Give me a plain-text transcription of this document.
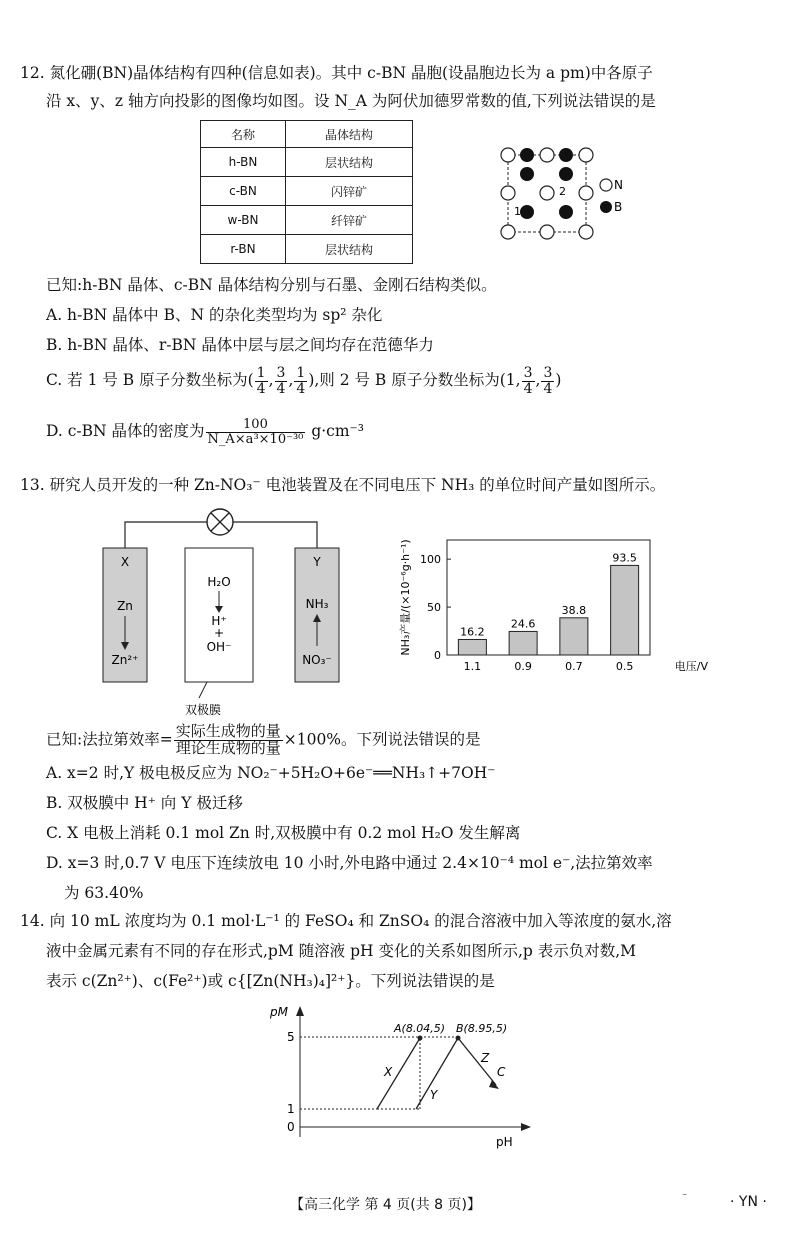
12. 氮化硼(BN)晶体结构有四种(信息如表)。其中 c-BN 晶胞(设晶胞边长为 a pm)中各原子
沿 x、y、z 轴方向投影的图像均如图。设 N_A 为阿伏加德罗常数的值,下列说法错误的是
名称	晶体结构
h-BN	层状结构
c-BN	闪锌矿
w-BN	纤锌矿
r-BN	层状结构
1
2	N
B
已知:h-BN 晶体、c-BN 晶体结构分别与石墨、金刚石结构类似。
A. h-BN 晶体中 B、N 的杂化类型均为 sp² 杂化
B. h-BN 晶体、r-BN 晶体中层与层之间均存在范德华力
C. 若 1 号 B 原子分数坐标为( $\frac{1}{4}$ , $\frac{3}{4}$ , $\frac{1}{4}$ ),则 2 号 B 原子分数坐标为(1, $\frac{3}{4}$ , $\frac{3}{4}$ )
D. c-BN 晶体的密度为 $\frac{100}{\text{N\_A×a³×10⁻³⁰}} g\cdot cm^{-3}$
13. 研究人员开发的一种 Zn-NO₃⁻ 电池装置及在不同电压下 NH₃ 的单位时间产量如图所示。
X	Y
Zn
Zn²⁺
H₂O
H⁺
+
OH⁻
NH₃
NO₃⁻
双极膜
0
50
100
16.2
1.1
24.6
0.9
38.8
0.7
93.5
0.5	电压/V
NH₃产量/(×10⁻⁶g·h⁻¹)
已知:法拉第效率= $\frac{\text{实际生成物的量}}{\text{理论生成物的量}} \times 100\%$。下列说法错误的是
A. x=2 时,Y 极电极反应为 NO₂⁻+5H₂O+6e⁻══NH₃↑+7OH⁻
B. 双极膜中 H⁺ 向 Y 极迁移
C. X 电极上消耗 0.1 mol Zn 时,双极膜中有 0.2 mol H₂O 发生解离
D. x=3 时,0.7 V 电压下连续放电 10 小时,外电路中通过 2.4×10⁻⁴ mol e⁻,法拉第效率
为 63.40%
14. 向 10 mL 浓度均为 0.1 mol·L⁻¹ 的 FeSO₄ 和 ZnSO₄ 的混合溶液中加入等浓度的氨水,溶
液中金属元素有不同的存在形式,pM 随溶液 pH 变化的关系如图所示,p 表示负对数,M
表示 c(Zn²⁺)、c(Fe²⁺)或 c{[Zn(NH₃)₄]²⁺}。下列说法错误的是
pM
pH
5
1
0
A(8.04,5) B(8.95,5)
X
Y
Z
C
【高三化学 第 4 页(共 8 页)】	⁻	· YN ·
